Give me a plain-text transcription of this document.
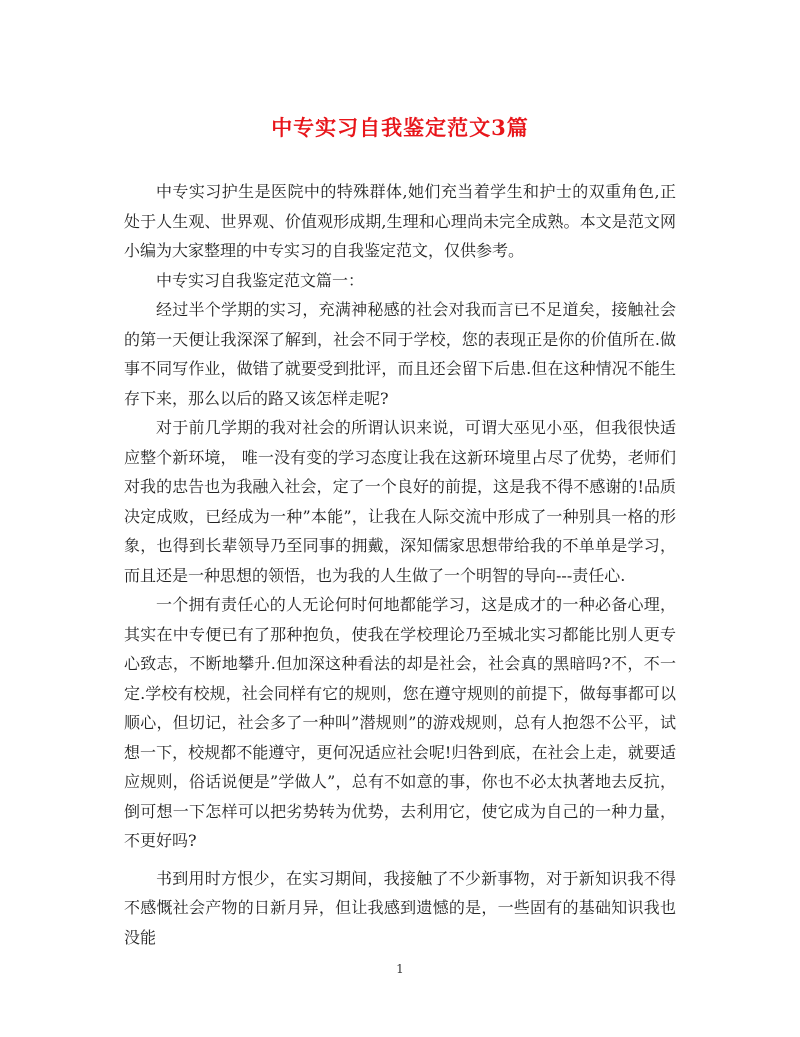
中专实习自我鉴定范文3篇

中专实习护生是医院中的特殊群体,她们充当着学生和护士的双重角色,正处于人生观、世界观、价值观形成期,生理和心理尚未完全成熟。本文是范文网小编为大家整理的中专实习的自我鉴定范文，仅供参考。

中专实习自我鉴定范文篇一：

经过半个学期的实习，充满神秘感的社会对我而言已不足道矣，接触社会的第一天便让我深深了解到，社会不同于学校，您的表现正是你的价值所在.做事不同写作业，做错了就要受到批评，而且还会留下后患.但在这种情况不能生存下来，那么以后的路又该怎样走呢?

对于前几学期的我对社会的所谓认识来说，可谓大巫见小巫，但我很快适应整个新环境， 唯一没有变的学习态度让我在这新环境里占尽了优势，老师们对我的忠告也为我融入社会，定了一个良好的前提，这是我不得不感谢的!品质决定成败，已经成为一种”本能”，让我在人际交流中形成了一种别具一格的形象，也得到长辈领导乃至同事的拥戴，深知儒家思想带给我的不单单是学习，而且还是一种思想的领悟，也为我的人生做了一个明智的导向---责任心.

一个拥有责任心的人无论何时何地都能学习，这是成才的一种必备心理，其实在中专便已有了那种抱负，使我在学校理论乃至城北实习都能比别人更专心致志，不断地攀升.但加深这种看法的却是社会，社会真的黑暗吗?不，不一定.学校有校规，社会同样有它的规则，您在遵守规则的前提下，做每事都可以顺心，但切记，社会多了一种叫”潜规则”的游戏规则，总有人抱怨不公平，试想一下，校规都不能遵守，更何况适应社会呢!归咎到底，在社会上走，就要适应规则，俗话说便是”学做人”，总有不如意的事，你也不必太执著地去反抗，倒可想一下怎样可以把劣势转为优势，去利用它，使它成为自己的一种力量，不更好吗?

书到用时方恨少，在实习期间，我接触了不少新事物，对于新知识我不得不感慨社会产物的日新月异，但让我感到遗憾的是，一些固有的基础知识我也没能

1
